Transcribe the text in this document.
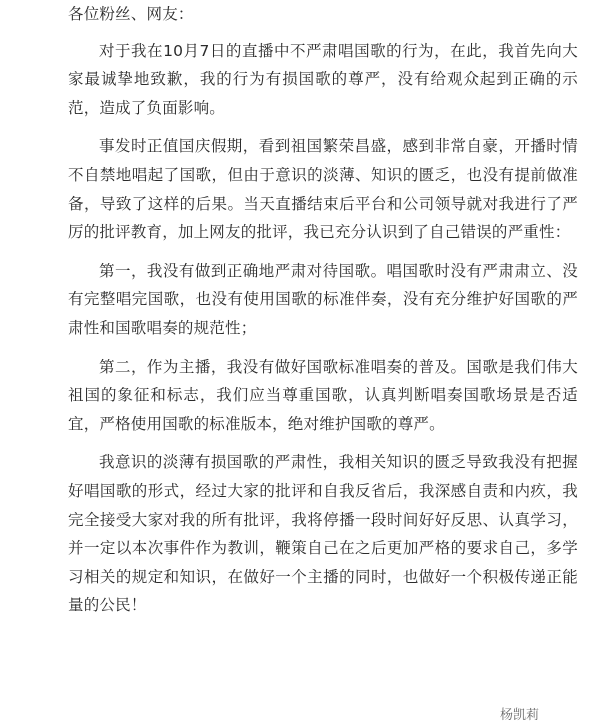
各位粉丝、网友：

对于我在10月7日的直播中不严肃唱国歌的行为，在此，我首先向大家最诚挚地致歉，我的行为有损国歌的尊严，没有给观众起到正确的示范，造成了负面影响。

事发时正值国庆假期，看到祖国繁荣昌盛，感到非常自豪，开播时情不自禁地唱起了国歌，但由于意识的淡薄、知识的匮乏，也没有提前做准备，导致了这样的后果。当天直播结束后平台和公司领导就对我进行了严厉的批评教育，加上网友的批评，我已充分认识到了自己错误的严重性：

第一，我没有做到正确地严肃对待国歌。唱国歌时没有严肃肃立、没有完整唱完国歌，也没有使用国歌的标准伴奏，没有充分维护好国歌的严肃性和国歌唱奏的规范性；

第二，作为主播，我没有做好国歌标准唱奏的普及。国歌是我们伟大祖国的象征和标志，我们应当尊重国歌，认真判断唱奏国歌场景是否适宜，严格使用国歌的标准版本，绝对维护国歌的尊严。

我意识的淡薄有损国歌的严肃性，我相关知识的匮乏导致我没有把握好唱国歌的形式，经过大家的批评和自我反省后，我深感自责和内疚，我完全接受大家对我的所有批评，我将停播一段时间好好反思、认真学习，并一定以本次事件作为教训，鞭策自己在之后更加严格的要求自己，多学习相关的规定和知识，在做好一个主播的同时，也做好一个积极传递正能量的公民！

杨凯莉
